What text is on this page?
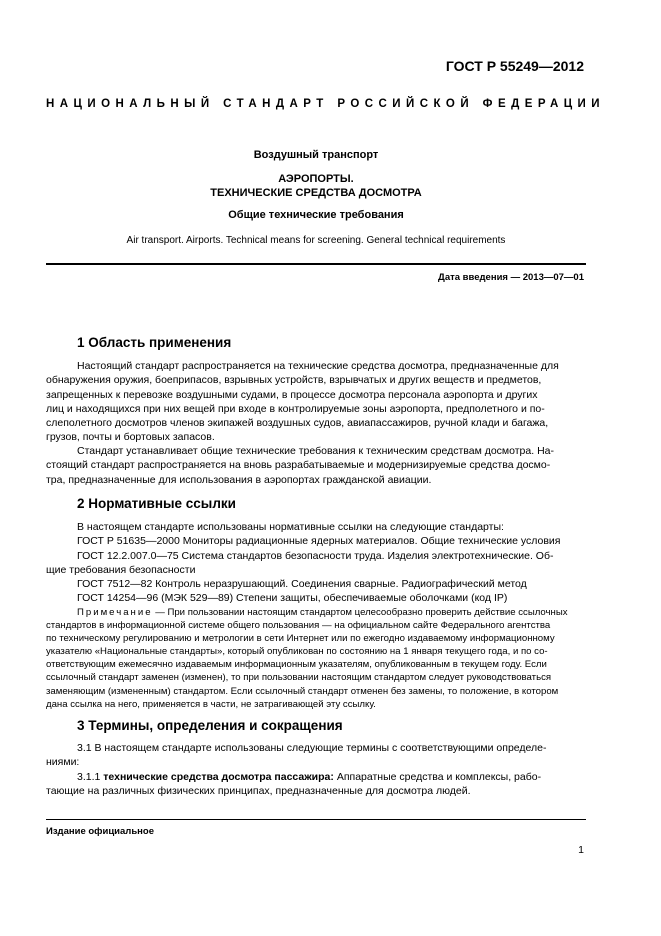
ГОСТ Р 55249—2012
НАЦИОНАЛЬНЫЙ СТАНДАРТ РОССИЙСКОЙ ФЕДЕРАЦИИ
Воздушный транспорт
АЭРОПОРТЫ.
ТЕХНИЧЕСКИЕ СРЕДСТВА ДОСМОТРА
Общие технические требования
Air transport. Airports. Technical means for screening. General technical requirements
Дата введения — 2013—07—01
1 Область применения
Настоящий стандарт распространяется на технические средства досмотра, предназначенные для
обнаружения оружия, боеприпасов, взрывных устройств, взрывчатых и других веществ и предметов,
запрещенных к перевозке воздушными судами, в процессе досмотра персонала аэропорта и других
лиц и находящихся при них вещей при входе в контролируемые зоны аэропорта, предполетного и по-
слеполетного досмотров членов экипажей воздушных судов, авиапассажиров, ручной клади и багажа,
грузов, почты и бортовых запасов.
Стандарт устанавливает общие технические требования к техническим средствам досмотра. На-
стоящий стандарт распространяется на вновь разрабатываемые и модернизируемые средства досмо-
тра, предназначенные для использования в аэропортах гражданской авиации.
2 Нормативные ссылки
В настоящем стандарте использованы нормативные ссылки на следующие стандарты:
ГОСТ Р 51635—2000 Мониторы радиационные ядерных материалов. Общие технические условия
ГОСТ 12.2.007.0—75 Система стандартов безопасности труда. Изделия электротехнические. Об-
щие требования безопасности
ГОСТ 7512—82 Контроль неразрушающий. Соединения сварные. Радиографический метод
ГОСТ 14254—96 (МЭК 529—89) Степени защиты, обеспечиваемые оболочками (код IP)
Примечание — При пользовании настоящим стандартом целесообразно проверить действие ссылочных
стандартов в информационной системе общего пользования — на официальном сайте Федерального агентства
по техническому регулированию и метрологии в сети Интернет или по ежегодно издаваемому информационному
указателю «Национальные стандарты», который опубликован по состоянию на 1 января текущего года, и по со-
ответствующим ежемесячно издаваемым информационным указателям, опубликованным в текущем году. Если
ссылочный стандарт заменен (изменен), то при пользовании настоящим стандартом следует руководствоваться
заменяющим (измененным) стандартом. Если ссылочный стандарт отменен без замены, то положение, в котором
дана ссылка на него, применяется в части, не затрагивающей эту ссылку.
3 Термины, определения и сокращения
3.1 В настоящем стандарте использованы следующие термины с соответствующими определе-
ниями:
3.1.1 технические средства досмотра пассажира: Аппаратные средства и комплексы, рабо-
тающие на различных физических принципах, предназначенные для досмотра людей.
Издание официальное
1
